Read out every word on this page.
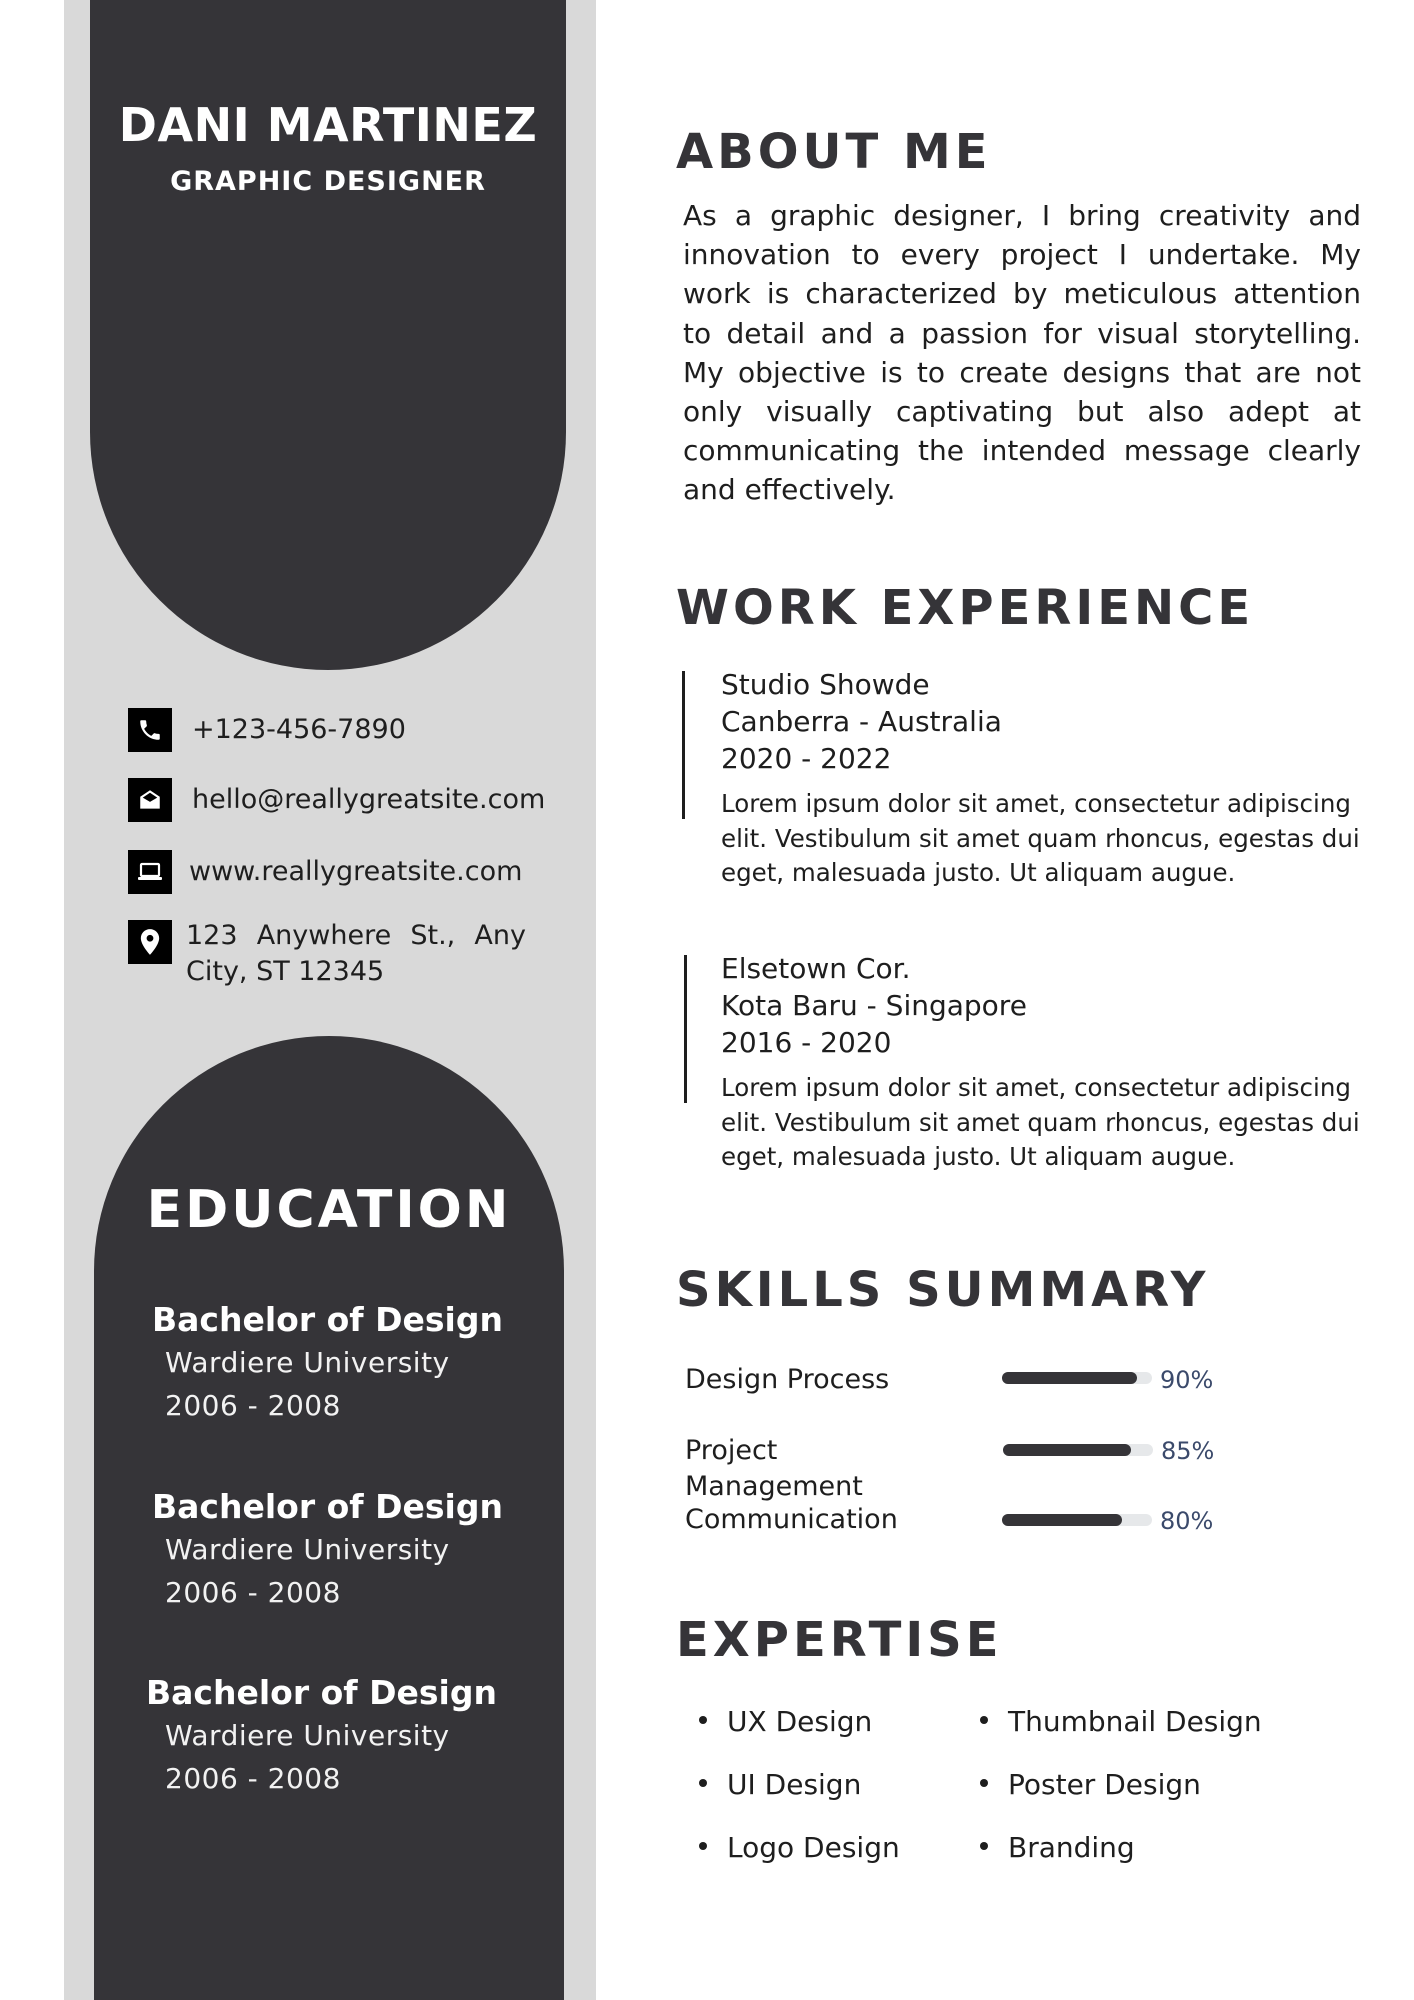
DANI MARTINEZ
GRAPHIC DESIGNER
+123-456-7890
hello@reallygreatsite.com
www.reallygreatsite.com
123 Anywhere St., Any
City, ST 12345
EDUCATION
Bachelor of Design
Wardiere University
2006 - 2008
Bachelor of Design
Wardiere University
2006 - 2008
Bachelor of Design
Wardiere University
2006 - 2008
ABOUT ME
As a graphic designer, I bring creativity and innovation to every project I undertake. My work is characterized by meticulous attention to detail and a passion for visual storytelling. My objective is to create designs that are not only visually captivating but also adept at communicating the intended message clearly and effectively.
WORK EXPERIENCE
Studio Showde
Canberra - Australia
2020 - 2022
Lorem ipsum dolor sit amet, consectetur adipiscing elit. Vestibulum sit amet quam rhoncus, egestas dui eget, malesuada justo. Ut aliquam augue.
Elsetown Cor.
Kota Baru - Singapore
2016 - 2020
Lorem ipsum dolor sit amet, consectetur adipiscing elit. Vestibulum sit amet quam rhoncus, egestas dui eget, malesuada justo. Ut aliquam augue.
SKILLS SUMMARY
Design Process	90%
Project
Management
85%
Communication	80%
EXPERTISE
UX Design
UI Design
Logo Design
Thumbnail Design
Poster Design
Branding
